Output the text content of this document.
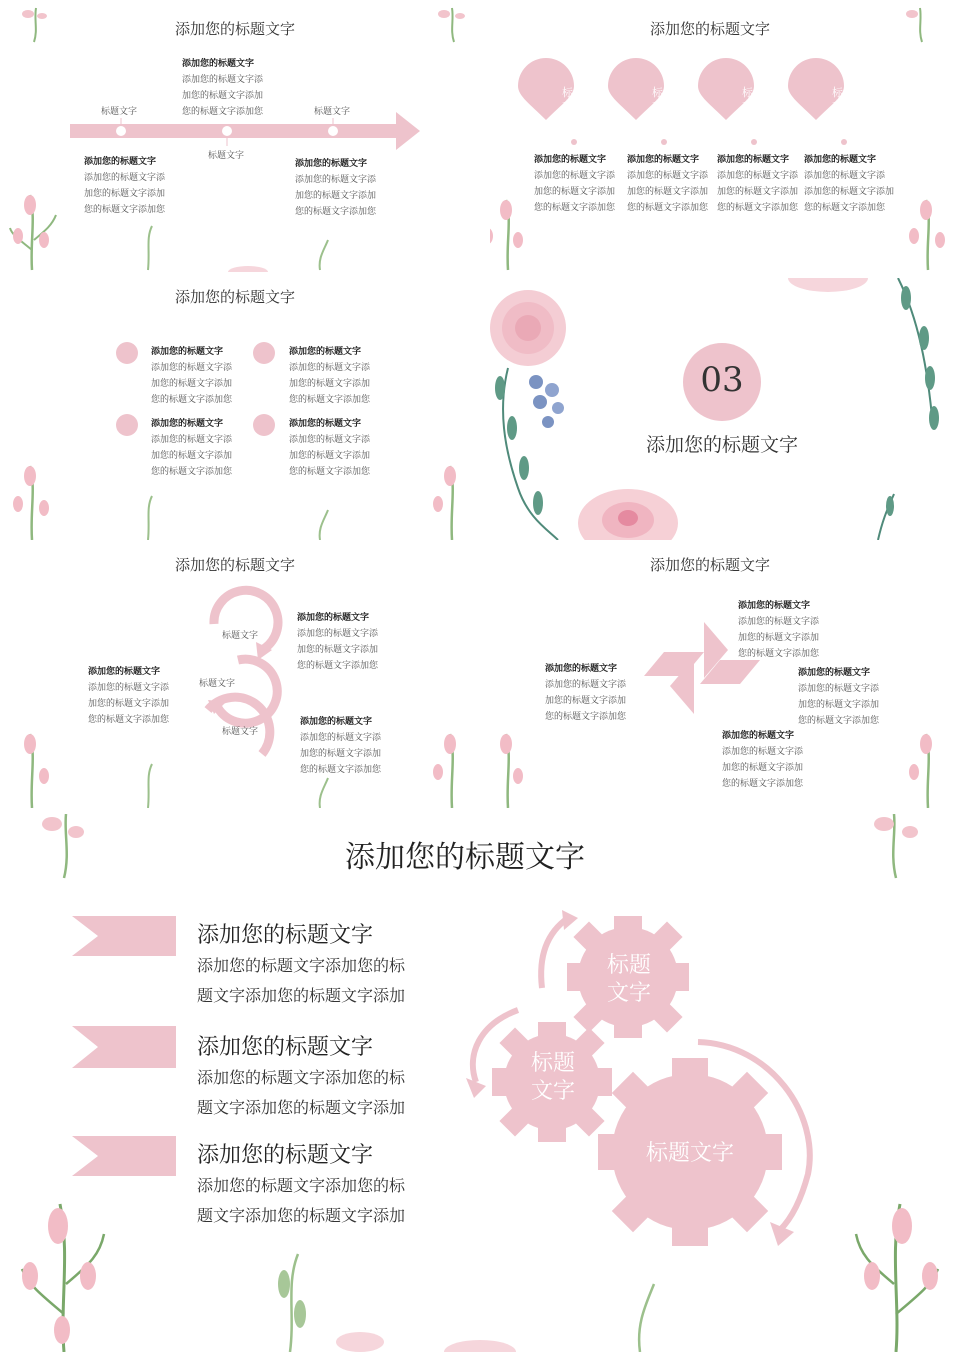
添加您的标题文字
添加您的标题文字
添加您的标题文字添
加您的标题文字添加
您的标题文字添加您
标题文字
标题文字
标题文字
添加您的标题文字
添加您的标题文字添
加您的标题文字添加
您的标题文字添加您
添加您的标题文字
添加您的标题文字添
加您的标题文字添加
您的标题文字添加您
添加您的标题文字
标题
文字
标题
文字
标题
文字
标题
文字
添加您的标题文字
添加您的标题文字添
加您的标题文字添加
您的标题文字添加您
添加您的标题文字
添加您的标题文字添
加您的标题文字添加
您的标题文字添加您
添加您的标题文字
添加您的标题文字添
加您的标题文字添加
您的标题文字添加您
添加您的标题文字
添加您的标题文字添
添加您的标题文字添加
您的标题文字添加您
添加您的标题文字
添加您的标题文字
添加您的标题文字添
加您的标题文字添加
您的标题文字添加您
添加您的标题文字
添加您的标题文字添
加您的标题文字添加
您的标题文字添加您
添加您的标题文字
添加您的标题文字添
加您的标题文字添加
您的标题文字添加您
添加您的标题文字
添加您的标题文字添
加您的标题文字添加
您的标题文字添加您
03
添加您的标题文字
添加您的标题文字
标题文字
标题文字
标题文字
添加您的标题文字
添加您的标题文字添
加您的标题文字添加
您的标题文字添加您
添加您的标题文字
添加您的标题文字添
加您的标题文字添加
您的标题文字添加您
添加您的标题文字
添加您的标题文字添
加您的标题文字添加
您的标题文字添加您
添加您的标题文字
添加您的标题文字
添加您的标题文字添
加您的标题文字添加
您的标题文字添加您
添加您的标题文字
添加您的标题文字添
加您的标题文字添加
您的标题文字添加您
添加您的标题文字
添加您的标题文字添
加您的标题文字添加
您的标题文字添加您
添加您的标题文字
添加您的标题文字添
加您的标题文字添加
您的标题文字添加您
添加您的标题文字
添加您的标题文字
添加您的标题文字添加您的标
题文字添加您的标题文字添加
添加您的标题文字
添加您的标题文字添加您的标
题文字添加您的标题文字添加
添加您的标题文字
添加您的标题文字添加您的标
题文字添加您的标题文字添加
标题
文字
标题
文字
标题文字
